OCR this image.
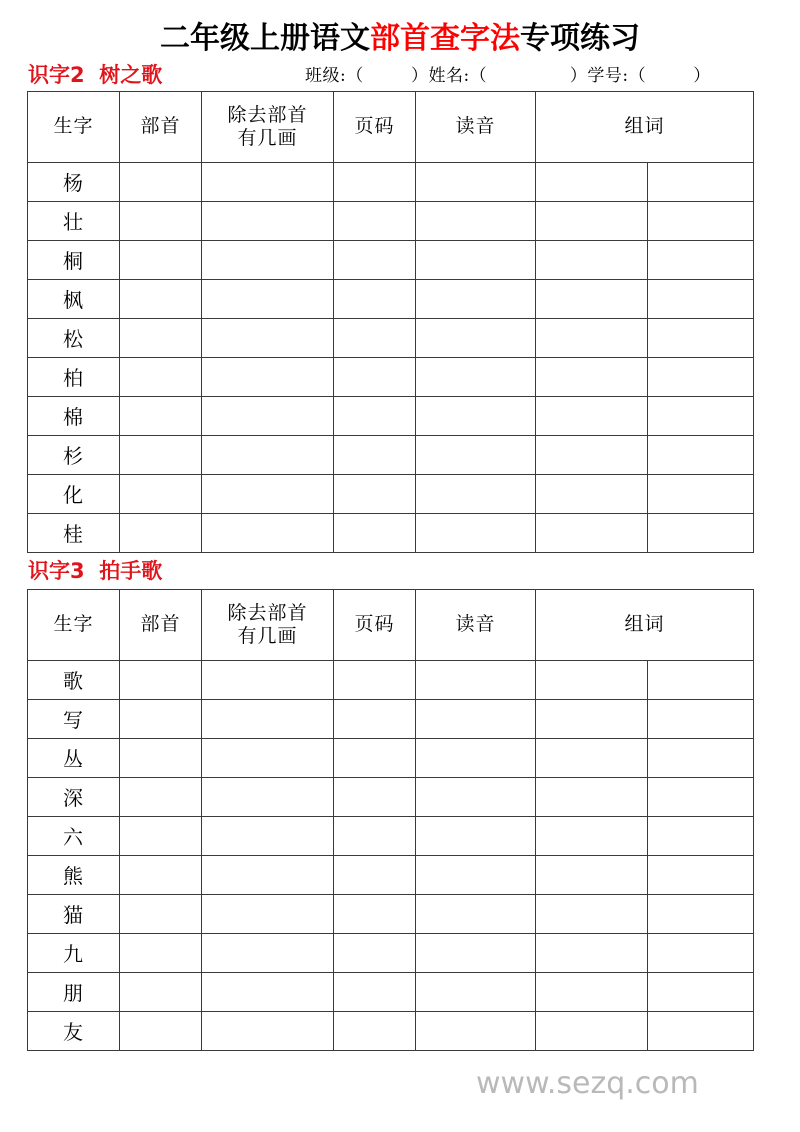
二年级上册语文部首查字法专项练习
识字2  树之歌	班级:（        ）姓名:（              ）学号:（        ）
生字	部首	除去部首
有几画	页码	读音	组词	
杨						
壮						
桐						
枫						
松						
柏						
棉						
杉						
化						
桂						
识字3  拍手歌
生字	部首	除去部首
有几画	页码	读音	组词	
歌						
写						
丛						
深						
六						
熊						
猫						
九						
朋						
友						
www.sezq.com
